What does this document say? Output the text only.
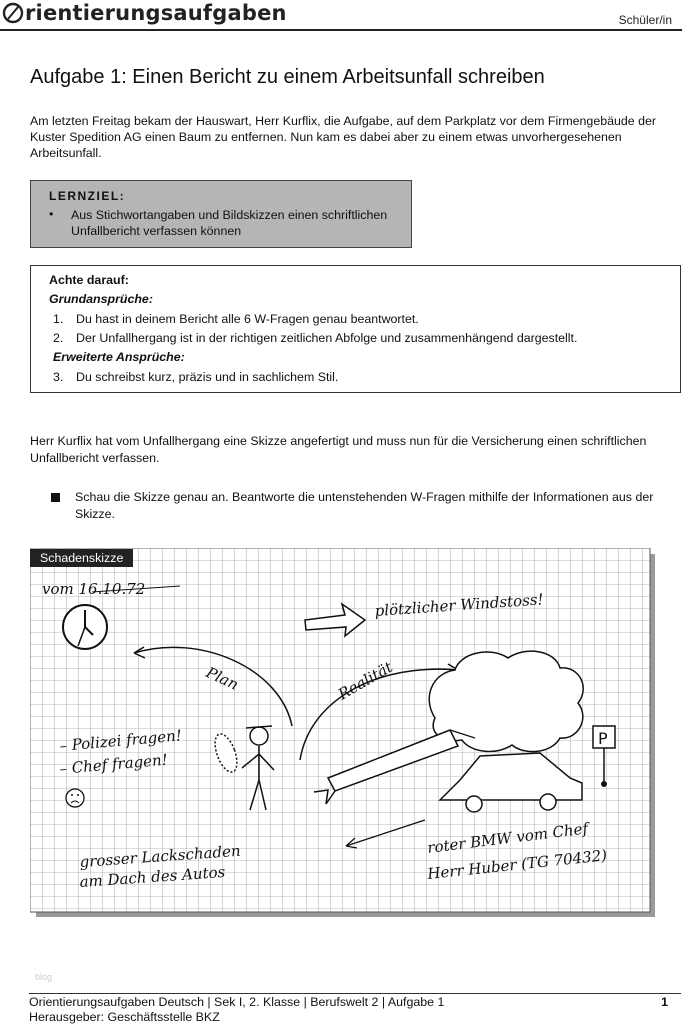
rientierungsaufgaben	Schüler/in
Aufgabe 1: Einen Bericht zu einem Arbeitsunfall schreiben
Am letzten Freitag bekam der Hauswart, Herr Kurflix, die Aufgabe, auf dem Parkplatz vor dem Firmengebäude der Kuster Spedition AG einen Baum zu entfernen. Nun kam es dabei aber zu einem etwas unvorhergesehenen Arbeitsunfall.
LERNZIEL:
• Aus Stichwortangaben und Bildskizzen einen schriftlichen Unfallbericht verfassen können
Achte darauf:
Grundansprüche:
1. Du hast in deinem Bericht alle 6 W-Fragen genau beantwortet.
2. Der Unfallhergang ist in der richtigen zeitlichen Abfolge und zusammenhängend dargestellt.
Erweiterte Ansprüche:
3. Du schreibst kurz, präzis und in sachlichem Stil.
Herr Kurflix hat vom Unfallhergang eine Skizze angefertigt und muss nun für die Versicherung einen schriftlichen Unfallbericht verfassen.
Schau die Skizze genau an. Beantworte die untenstehenden W-Fragen mithilfe der Informationen aus der Skizze.
vom 16.10.72
plötzlicher Windstoss!
Plan	Realität
P
– Polizei fragen!
– Chef fragen!
grosser Lackschaden
am Dach des Autos
roter BMW vom Chef
Herr Huber (TG 70432)
Schadenskizze
blog
Orientierungsaufgaben Deutsch | Sek I, 2. Klasse | Berufswelt 2 | Aufgabe 1
Herausgeber: Geschäftsstelle BKZ
1
